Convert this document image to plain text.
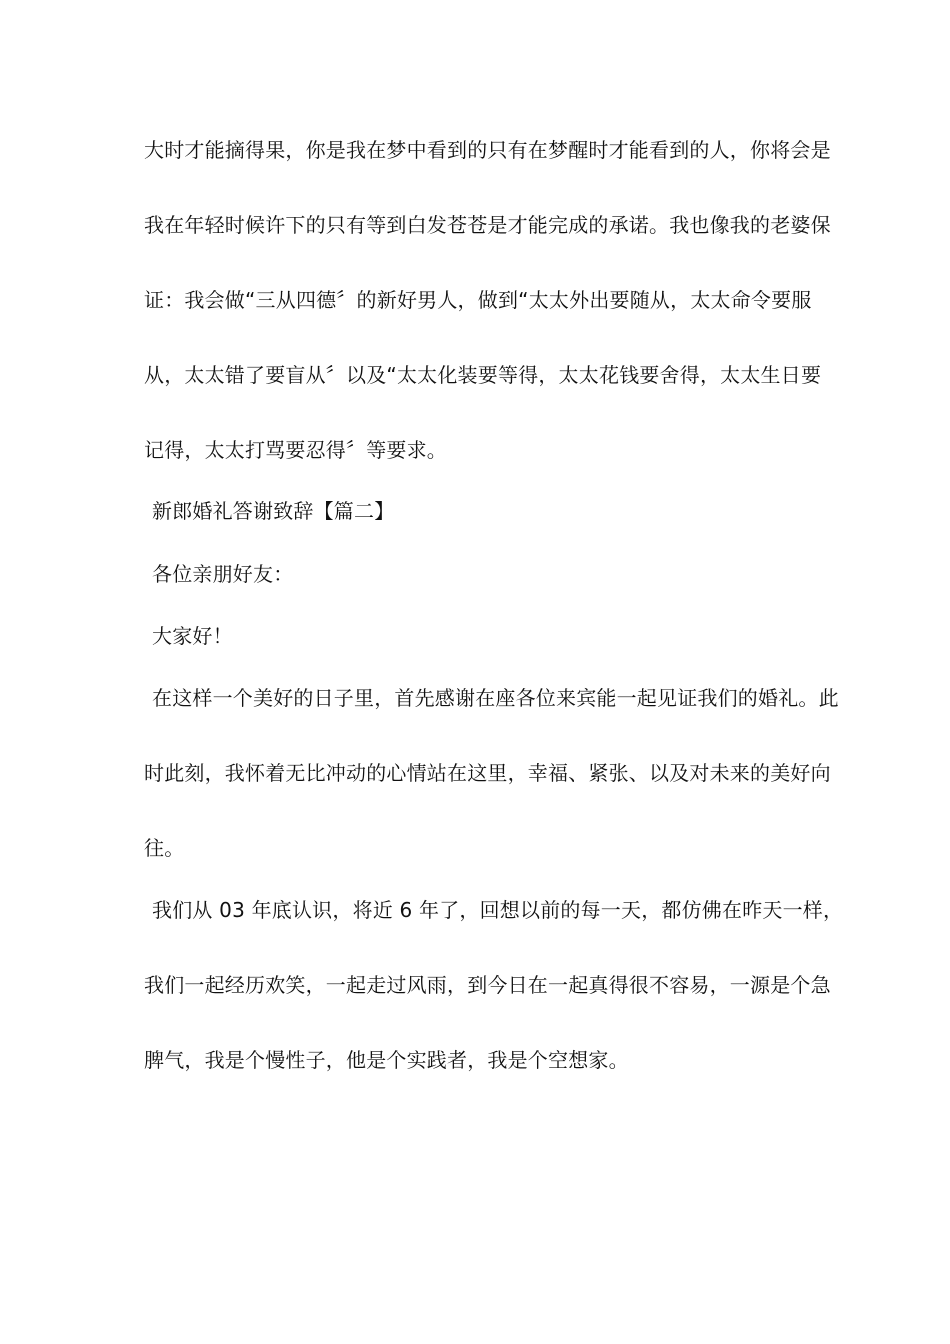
大时才能摘得果，你是我在梦中看到的只有在梦醒时才能看到的人，你将会是
我在年轻时候许下的只有等到白发苍苍是才能完成的承诺。我也像我的老婆保
证：我会做“三从四德〞的新好男人，做到“太太外出要随从，太太命令要服
从，太太错了要盲从〞以及“太太化装要等得，太太花钱要舍得，太太生日要
记得，太太打骂要忍得〞等要求。
新郎婚礼答谢致辞【篇二】
各位亲朋好友：
大家好！
在这样一个美好的日子里，首先感谢在座各位来宾能一起见证我们的婚礼。此
时此刻，我怀着无比冲动的心情站在这里，幸福、紧张、以及对未来的美好向
往。
我们从 03 年底认识，将近 6 年了，回想以前的每一天，都仿佛在昨天一样，
我们一起经历欢笑，一起走过风雨，到今日在一起真得很不容易，一源是个急
脾气，我是个慢性子，他是个实践者，我是个空想家。
